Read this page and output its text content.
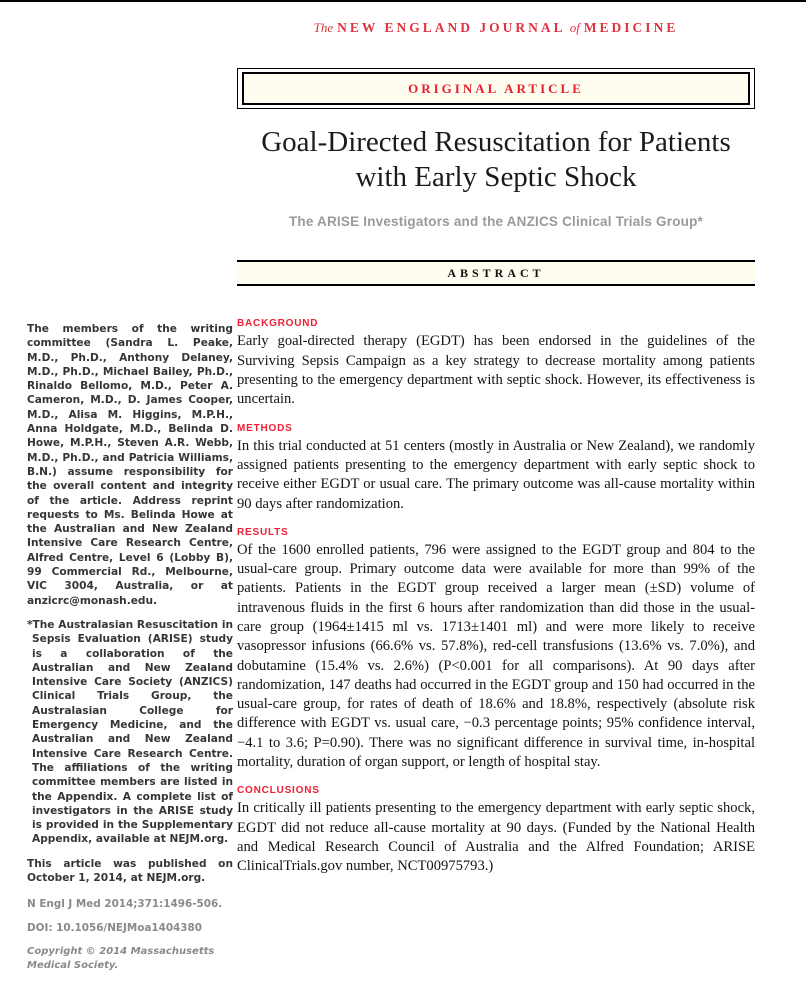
The NEW ENGLAND JOURNAL of MEDICINE
ORIGINAL ARTICLE
Goal-Directed Resuscitation for Patients
with Early Septic Shock
The ARISE Investigators and the ANZICS Clinical Trials Group*
ABSTRACT
BACKGROUND
Early goal-directed therapy (EGDT) has been endorsed in the guidelines of the Surviving Sepsis Campaign as a key strategy to decrease mortality among patients presenting to the emergency department with septic shock. However, its effectiveness is uncertain.
METHODS
In this trial conducted at 51 centers (mostly in Australia or New Zealand), we randomly assigned patients presenting to the emergency department with early septic shock to receive either EGDT or usual care. The primary outcome was all-cause mortality within 90 days after randomization.
RESULTS
Of the 1600 enrolled patients, 796 were assigned to the EGDT group and 804 to the usual-care group. Primary outcome data were available for more than 99% of the patients. Patients in the EGDT group received a larger mean (±SD) volume of intravenous fluids in the first 6 hours after randomization than did those in the usual-care group (1964±1415 ml vs. 1713±1401 ml) and were more likely to receive vasopressor infusions (66.6% vs. 57.8%), red-cell transfusions (13.6% vs. 7.0%), and dobutamine (15.4% vs. 2.6%) (P<0.001 for all comparisons). At 90 days after randomization, 147 deaths had occurred in the EGDT group and 150 had occurred in the usual-care group, for rates of death of 18.6% and 18.8%, respectively (absolute risk difference with EGDT vs. usual care, −0.3 percentage points; 95% confidence interval, −4.1 to 3.6; P=0.90). There was no significant difference in survival time, in-hospital mortality, duration of organ support, or length of hospital stay.
CONCLUSIONS
In critically ill patients presenting to the emergency department with early septic shock, EGDT did not reduce all-cause mortality at 90 days. (Funded by the National Health and Medical Research Council of Australia and the Alfred Foundation; ARISE ClinicalTrials.gov number, NCT00975793.)

The members of the writing committee (Sandra L. Peake, M.D., Ph.D., Anthony Delaney, M.D., Ph.D., Michael Bailey, Ph.D., Rinaldo Bellomo, M.D., Peter A. Cameron, M.D., D. James Cooper, M.D., Alisa M. Higgins, M.P.H., Anna Holdgate, M.D., Belinda D. Howe, M.P.H., Steven A.R. Webb, M.D., Ph.D., and Patricia Williams, B.N.) assume responsibility for the overall content and integrity of the article. Address reprint requests to Ms. Belinda Howe at the Australian and New Zealand Intensive Care Research Centre, Alfred Centre, Level 6 (Lobby B), 99 Commercial Rd., Melbourne, VIC 3004, Australia, or at anzicrc@monash.edu.

*The Australasian Resuscitation in Sepsis Evaluation (ARISE) study is a collaboration of the Australian and New Zealand Intensive Care Society (ANZICS) Clinical Trials Group, the Australasian College for Emergency Medicine, and the Australian and New Zealand Intensive Care Research Centre. The affiliations of the writing committee members are listed in the Appendix. A complete list of investigators in the ARISE study is provided in the Supplementary Appendix, available at NEJM.org.

This article was published on October 1, 2014, at NEJM.org.

N Engl J Med 2014;371:1496-506.

DOI: 10.1056/NEJMoa1404380

Copyright © 2014 Massachusetts Medical Society.
